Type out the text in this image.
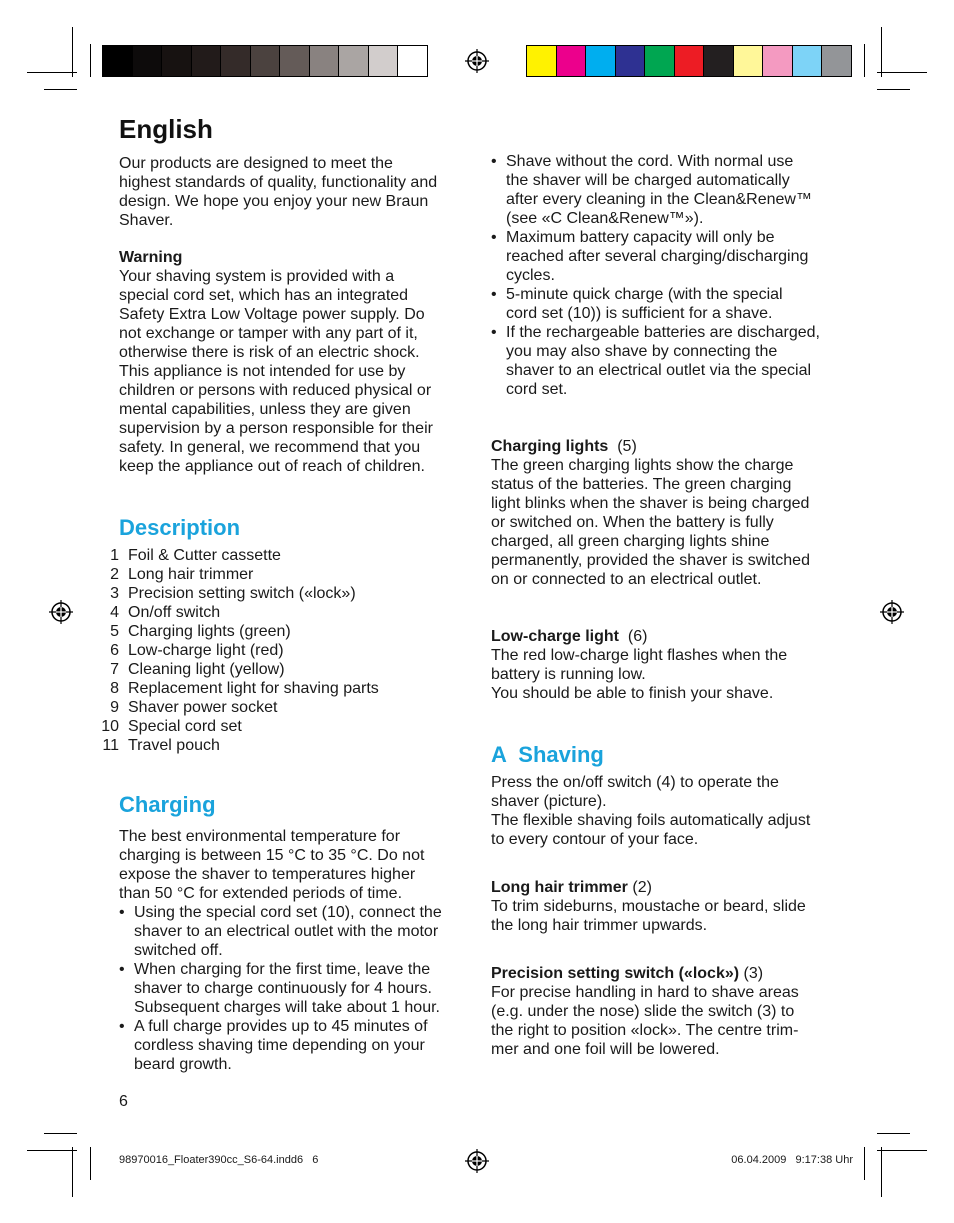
English
Our products are designed to meet the
highest standards of quality, functionality and
design. We hope you enjoy your new Braun
Shaver.
Warning
Your shaving system is provided with a
special cord set, which has an integrated
Safety Extra Low Voltage power supply. Do
not exchange or tamper with any part of it,
otherwise there is risk of an electric shock.
This appliance is not intended for use by
children or persons with reduced physical or
mental capabilities, unless they are given
supervision by a person responsible for their
safety. In general, we recommend that you
keep the appliance out of reach of children.
Description
1 Foil & Cutter cassette
2 Long hair trimmer
3 Precision setting switch («lock»)
4 On/off switch
5 Charging lights (green)
6 Low-charge light (red)
7 Cleaning light (yellow)
8 Replacement light for shaving parts
9 Shaver power socket
10 Special cord set
11 Travel pouch
Charging
The best environmental temperature for
charging is between 15 °C to 35 °C. Do not
expose the shaver to temperatures higher
than 50 °C for extended periods of time.
• Using the special cord set (10), connect the
shaver to an electrical outlet with the motor
switched off.
• When charging for the first time, leave the
shaver to charge continuously for 4 hours.
Subsequent charges will take about 1 hour.
• A full charge provides up to 45 minutes of
cordless shaving time depending on your
beard growth.
• Shave without the cord. With normal use
the shaver will be charged automatically
after every cleaning in the Clean&Renew™
(see «C Clean&Renew™»).
• Maximum battery capacity will only be
reached after several charging/discharging
cycles.
• 5-minute quick charge (with the special
cord set (10)) is sufficient for a shave.
• If the rechargeable batteries are discharged,
you may also shave by connecting the
shaver to an electrical outlet via the special
cord set.
Charging lights (5)
The green charging lights show the charge
status of the batteries. The green charging
light blinks when the shaver is being charged
or switched on. When the battery is fully
charged, all green charging lights shine
permanently, provided the shaver is switched
on or connected to an electrical outlet.
Low-charge light (6)
The red low-charge light flashes when the
battery is running low.
You should be able to finish your shave.
A  Shaving
Press the on/off switch (4) to operate the
shaver (picture).
The flexible shaving foils automatically adjust
to every contour of your face.
Long hair trimmer (2)
To trim sideburns, moustache or beard, slide
the long hair trimmer upwards.
Precision setting switch («lock») (3)
For precise handling in hard to shave areas
(e.g. under the nose) slide the switch (3) to
the right to position «lock». The centre trim-
mer and one foil will be lowered.
6
98970016_Floater390cc_S6-64.indd6   6	06.04.2009   9:17:38 Uhr
